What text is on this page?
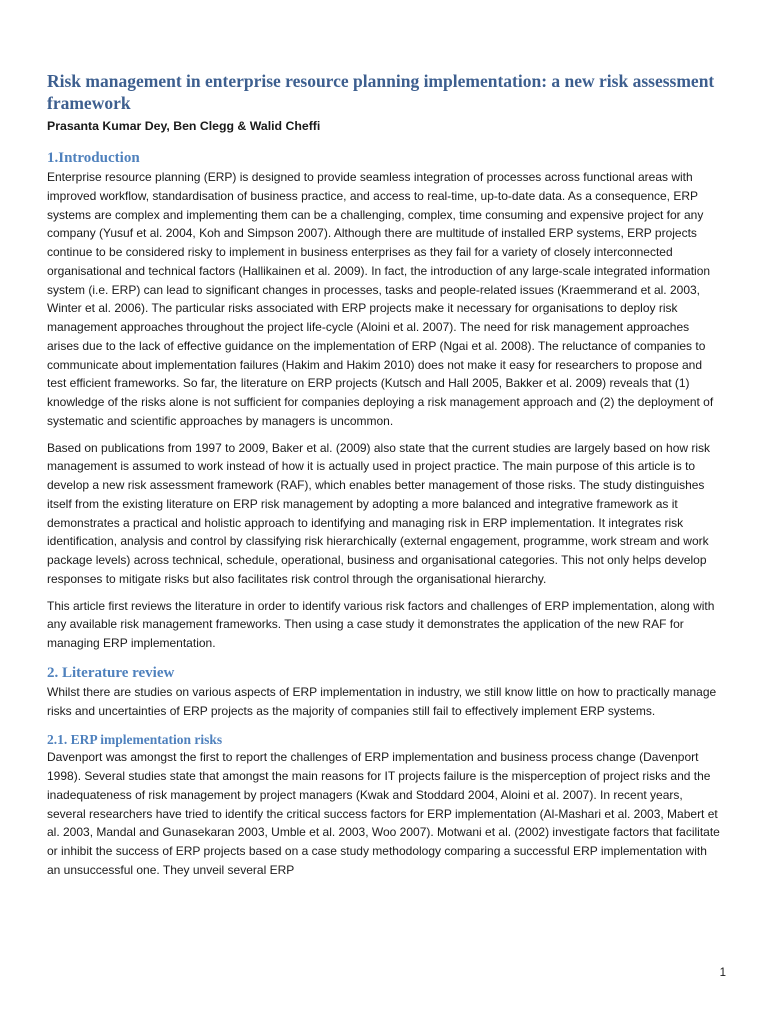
Risk management in enterprise resource planning implementation: a new risk assessment framework

Prasanta Kumar Dey, Ben Clegg & Walid Cheffi

1.Introduction

Enterprise resource planning (ERP) is designed to provide seamless integration of processes across functional areas with improved workflow, standardisation of business practice, and access to real-time, up-to-date data. As a consequence, ERP systems are complex and implementing them can be a challenging, complex, time consuming and expensive project for any company (Yusuf et al. 2004, Koh and Simpson 2007). Although there are multitude of installed ERP systems, ERP projects continue to be considered risky to implement in business enterprises as they fail for a variety of closely interconnected organisational and technical factors (Hallikainen et al. 2009). In fact, the introduction of any large-scale integrated information system (i.e. ERP) can lead to significant changes in processes, tasks and people-related issues (Kraemmerand et al. 2003, Winter et al. 2006). The particular risks associated with ERP projects make it necessary for organisations to deploy risk management approaches throughout the project life-cycle (Aloini et al. 2007). The need for risk management approaches arises due to the lack of effective guidance on the implementation of ERP (Ngai et al. 2008). The reluctance of companies to communicate about implementation failures (Hakim and Hakim 2010) does not make it easy for researchers to propose and test efficient frameworks. So far, the literature on ERP projects (Kutsch and Hall 2005, Bakker et al. 2009) reveals that (1) knowledge of the risks alone is not sufficient for companies deploying a risk management approach and (2) the deployment of systematic and scientific approaches by managers is uncommon.

Based on publications from 1997 to 2009, Baker et al. (2009) also state that the current studies are largely based on how risk management is assumed to work instead of how it is actually used in project practice. The main purpose of this article is to develop a new risk assessment framework (RAF), which enables better management of those risks. The study distinguishes itself from the existing literature on ERP risk management by adopting a more balanced and integrative framework as it demonstrates a practical and holistic approach to identifying and managing risk in ERP implementation. It integrates risk identification, analysis and control by classifying risk hierarchically (external engagement, programme, work stream and work package levels) across technical, schedule, operational, business and organisational categories. This not only helps develop responses to mitigate risks but also facilitates risk control through the organisational hierarchy.

This article first reviews the literature in order to identify various risk factors and challenges of ERP implementation, along with any available risk management frameworks. Then using a case study it demonstrates the application of the new RAF for managing ERP implementation.

2. Literature review

Whilst there are studies on various aspects of ERP implementation in industry, we still know little on how to practically manage risks and uncertainties of ERP projects as the majority of companies still fail to effectively implement ERP systems.

2.1. ERP implementation risks

Davenport was amongst the first to report the challenges of ERP implementation and business process change (Davenport 1998). Several studies state that amongst the main reasons for IT projects failure is the misperception of project risks and the inadequateness of risk management by project managers (Kwak and Stoddard 2004, Aloini et al. 2007). In recent years, several researchers have tried to identify the critical success factors for ERP implementation (Al-Mashari et al. 2003, Mabert et al. 2003, Mandal and Gunasekaran 2003, Umble et al. 2003, Woo 2007). Motwani et al. (2002) investigate factors that facilitate or inhibit the success of ERP projects based on a case study methodology comparing a successful ERP implementation with an unsuccessful one. They unveil several ERP

1
